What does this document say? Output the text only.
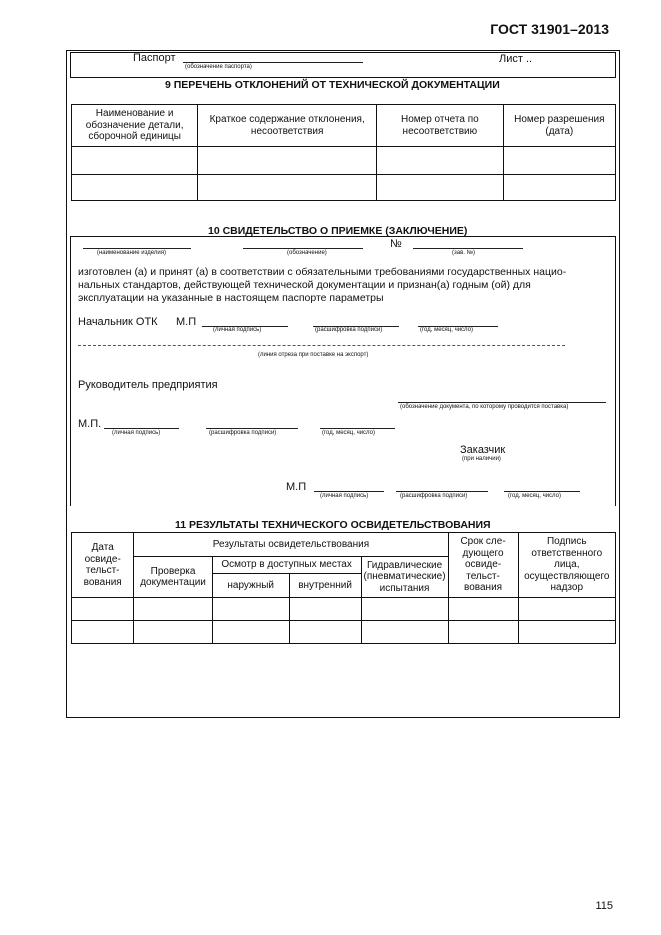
ГОСТ 31901–2013
Паспорт
(обозначение паспорта)
Лист ..
9 ПЕРЕЧЕНЬ ОТКЛОНЕНИЙ ОТ ТЕХНИЧЕСКОЙ ДОКУМЕНТАЦИИ
Наименование и обозначение детали, сборочной единицы	Краткое содержание отклонения, несоответствия	Номер отчета по несоответствию	Номер разрешения (дата)

10 СВИДЕТЕЛЬСТВО О ПРИЕМКЕ (ЗАКЛЮЧЕНИЕ)
(наименование изделия)	(обозначение)
№
(зав. №)
изготовлен (а) и принят (а) в соответствии с обязательными требованиями государственных нацио-
нальных стандартов, действующей технической документации и признан(а) годным (ой) для
эксплуатации на указанные в настоящем паспорте параметры
Начальник ОТК М.П
(личная подпись)	(расшифровка подписи)	(год, месяц, число)
(линия отреза при поставке на экспорт)
Руководитель предприятия
(обозначение документа, по которому проводится поставка)
М.П.
(личная подпись)	(расшифровка подписи)	(год, месяц, число)
Заказчик
(при наличии)
М.П
(личная подпись)	(расшифровка подписи)	(год, месяц, число)
11 РЕЗУЛЬТАТЫ ТЕХНИЧЕСКОГО ОСВИДЕТЕЛЬСТВОВАНИЯ
Дата освиде-тельст-вования	Результаты освидетельствования				Срок сле-дующего освиде-тельст-вования	Подпись ответственного лица, осуществляющего надзор
	Проверка документации	Осмотр в доступных местах		Гидравлические (пневматические) испытания		
		наружный	внутренний			

115
